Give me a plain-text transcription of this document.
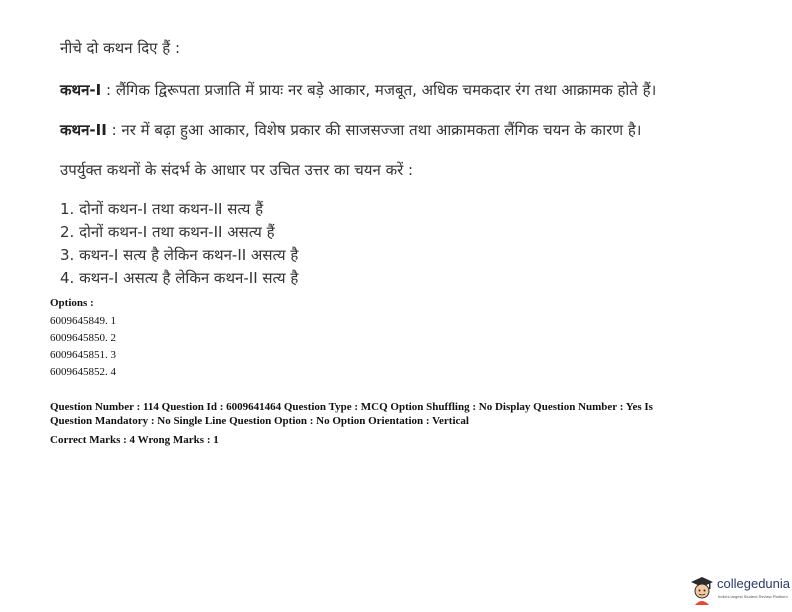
नीचे दो कथन दिए हैं :
कथन-I : लैंगिक द्विरूपता प्रजाति में प्रायः नर बड़े आकार, मजबूत, अधिक चमकदार रंग तथा आक्रामक होते हैं।
कथन-II : नर में बढ़ा हुआ आकार, विशेष प्रकार की साजसज्जा तथा आक्रामकता लैंगिक चयन के कारण है।
उपर्युक्त कथनों के संदर्भ के आधार पर उचित उत्तर का चयन करें :
1. दोनों कथन-I तथा कथन-II सत्य हैं
2. दोनों कथन-I तथा कथन-II असत्य हैं
3. कथन-I सत्य है लेकिन कथन-II असत्य है
4. कथन-I असत्य है लेकिन कथन-II सत्य है
Options :
6009645849. 1
6009645850. 2
6009645851. 3
6009645852. 4
Question Number : 114 Question Id : 6009641464 Question Type : MCQ Option Shuffling : No Display Question Number : Yes Is
Question Mandatory : No Single Line Question Option : No Option Orientation : Vertical
Correct Marks : 4 Wrong Marks : 1
collegedunia
India's largest Student Review Platform
